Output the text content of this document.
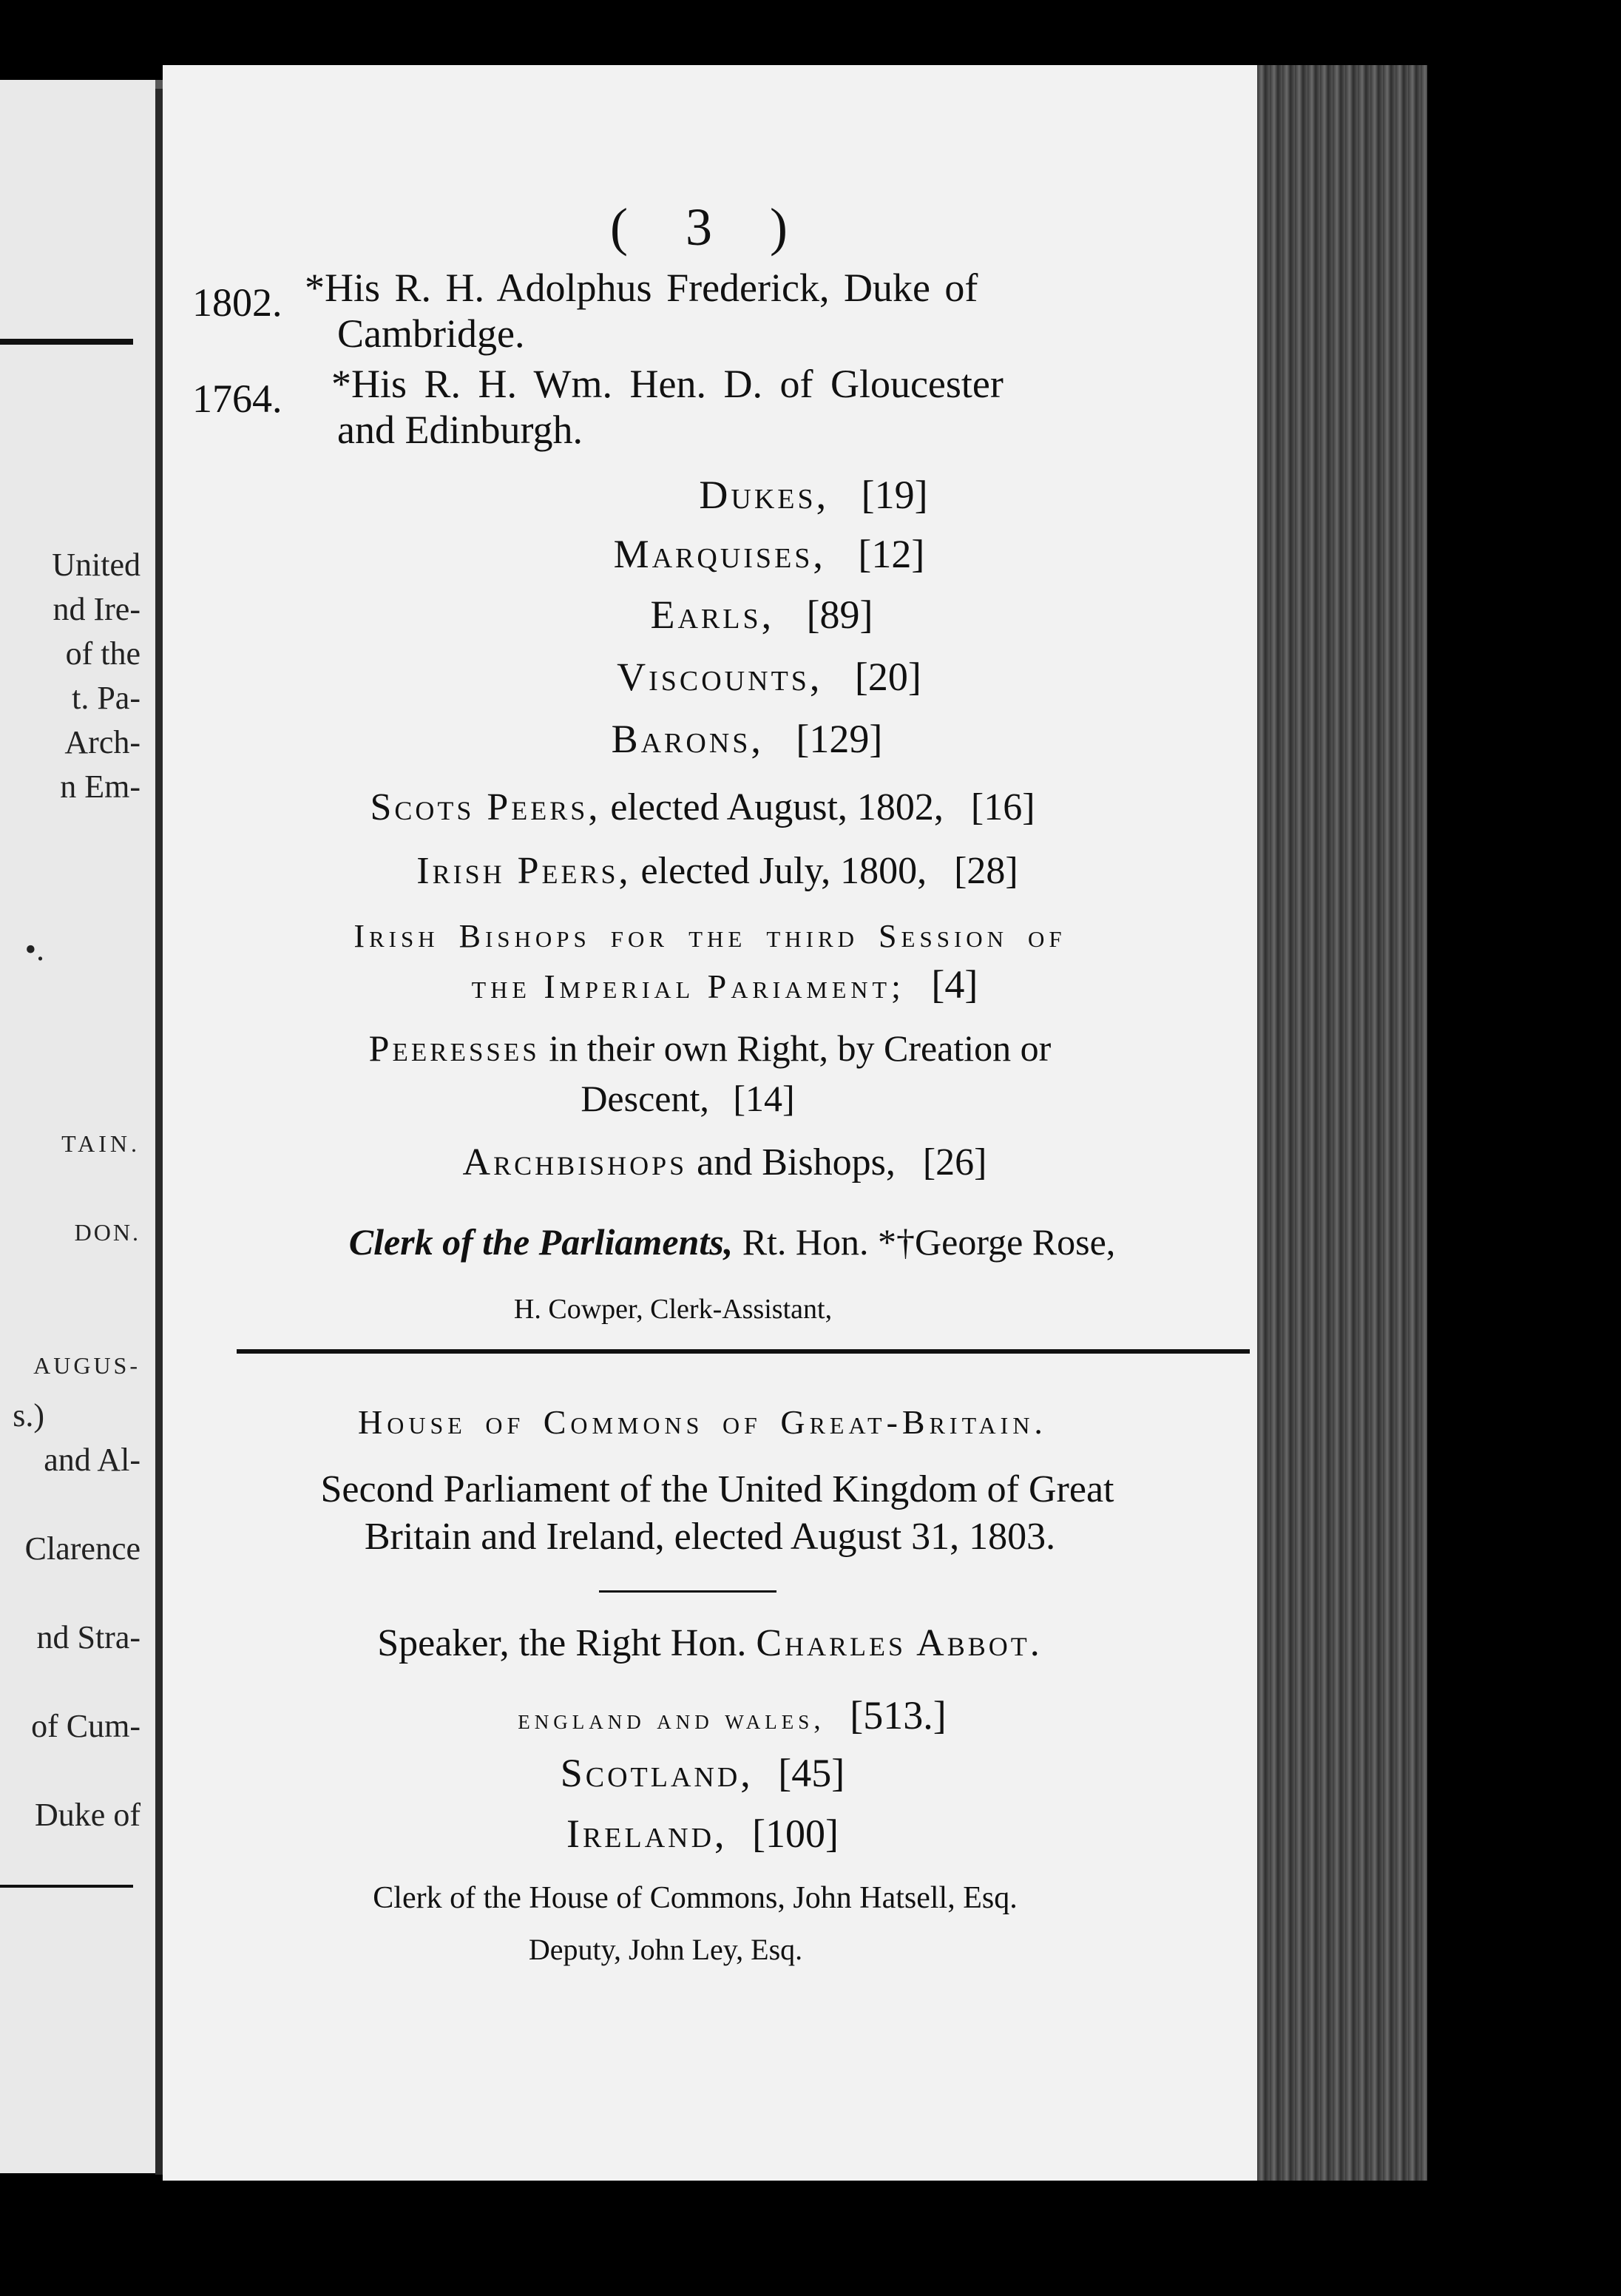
United
nd Ire-
of the
t. Pa-
Arch-
n Em-
•.
TAIN.
DON.
AUGUS-
s.)
and Al-
Clarence
nd Stra-
of Cum-
Duke of
( 3 )
1802. *His R. H. Adolphus Frederick, Duke of
Cambridge.
1764. *His R. H. Wm. Hen. D. of Gloucester
and Edinburgh.
Dukes, [19]
Marquises, [12]
Earls, [89]
Viscounts, [20]
Barons, [129]
Scots Peers, elected August, 1802, [16]
Irish Peers, elected July, 1800, [28]
Irish Bishops for the third Session of
the Imperial Pariament; [4]
Peeresses in their own Right, by Creation or
Descent, [14]
Archbishops and Bishops, [26]
Clerk of the Parliaments, Rt. Hon. *†George Rose,
H. Cowper, Clerk-Assistant,
House of Commons of Great-Britain.
Second Parliament of the United Kingdom of Great
Britain and Ireland, elected August 31, 1803.
Speaker, the Right Hon. Charles Abbot.
england and wales, [513.]
Scotland, [45]
Ireland, [100]
Clerk of the House of Commons, John Hatsell, Esq.
Deputy, John Ley, Esq.
